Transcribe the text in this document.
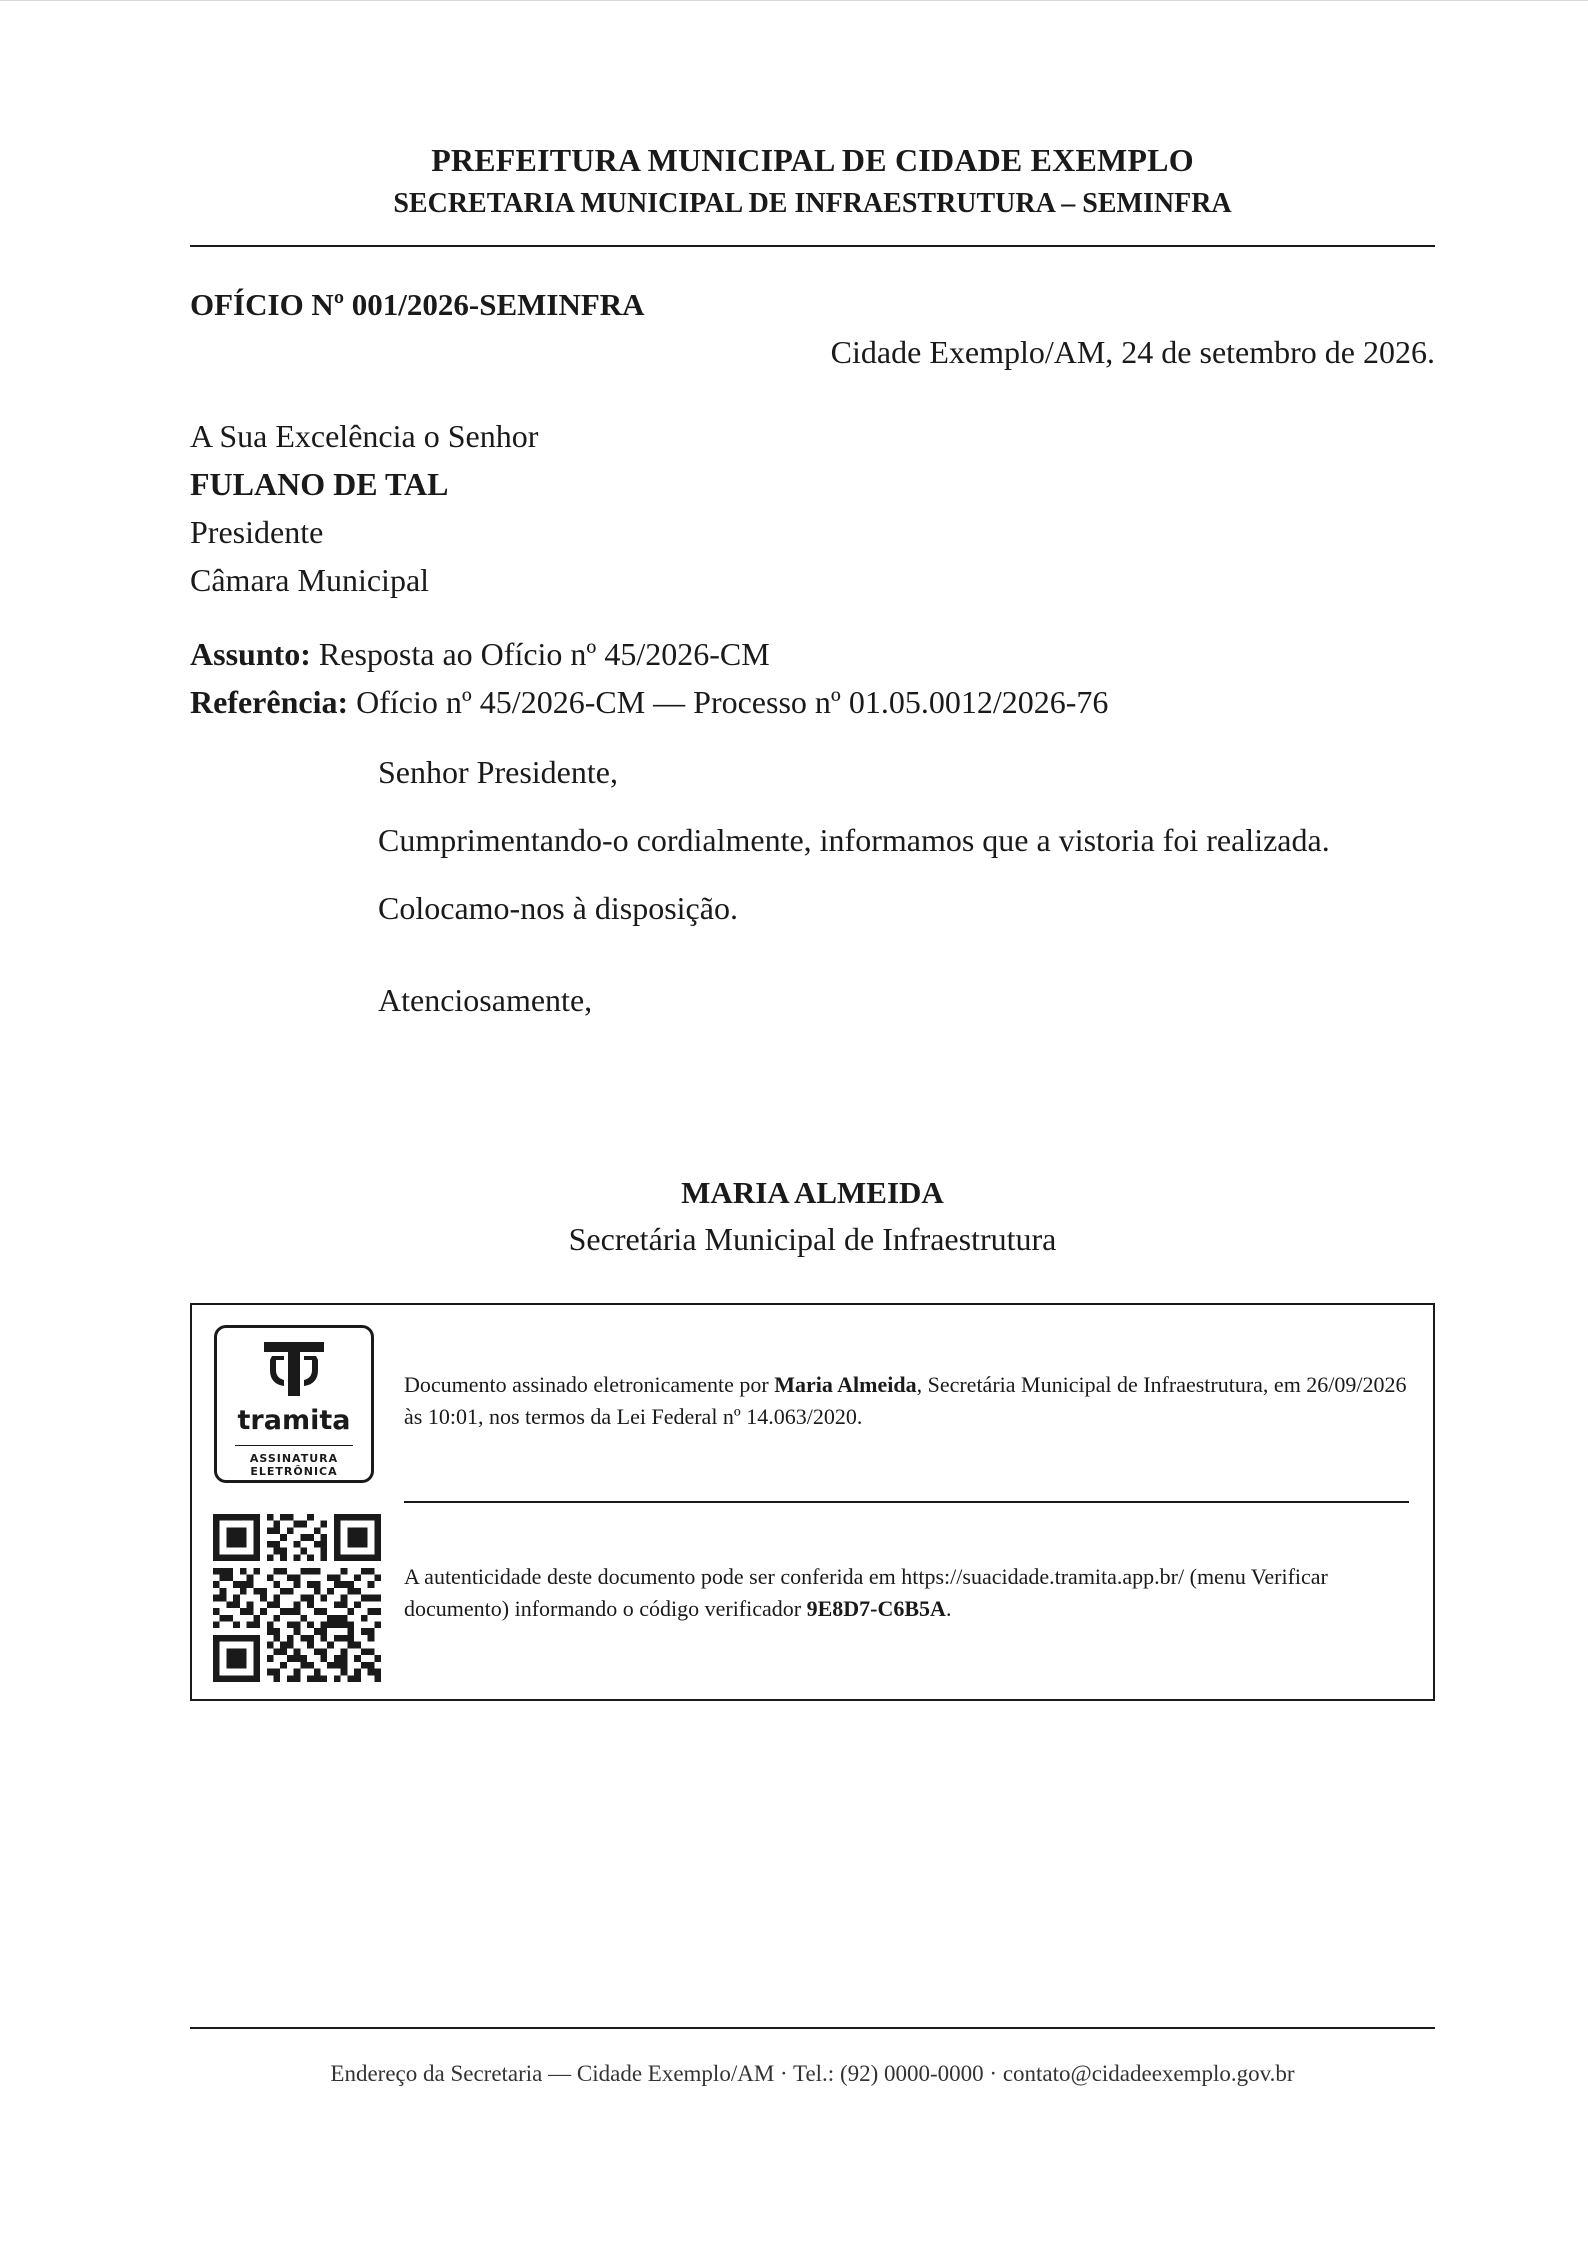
PREFEITURA MUNICIPAL DE CIDADE EXEMPLO
SECRETARIA MUNICIPAL DE INFRAESTRUTURA – SEMINFRA
OFÍCIO Nº 001/2026-SEMINFRA
Cidade Exemplo/AM, 24 de setembro de 2026.
A Sua Excelência o Senhor
FULANO DE TAL
Presidente
Câmara Municipal
Assunto: Resposta ao Ofício nº 45/2026-CM
Referência: Ofício nº 45/2026-CM — Processo nº 01.05.0012/2026-76

Senhor Presidente,

Cumprimentando-o cordialmente, informamos que a vistoria foi realizada.

Colocamo-nos à disposição.

Atenciosamente,

MARIA ALMEIDA
Secretária Municipal de Infraestrutura
tramita
ASSINATURA
ELETRÔNICA
Documento assinado eletronicamente por Maria Almeida, Secretária Municipal de Infraestrutura, em 26/09/2026 às 10:01, nos termos da Lei Federal nº 14.063/2020.
A autenticidade deste documento pode ser conferida em https://suacidade.tramita.app.br/ (menu Verificar documento) informando o código verificador 9E8D7-C6B5A.
Endereço da Secretaria — Cidade Exemplo/AM · Tel.: (92) 0000-0000 · contato@cidadeexemplo.gov.br
